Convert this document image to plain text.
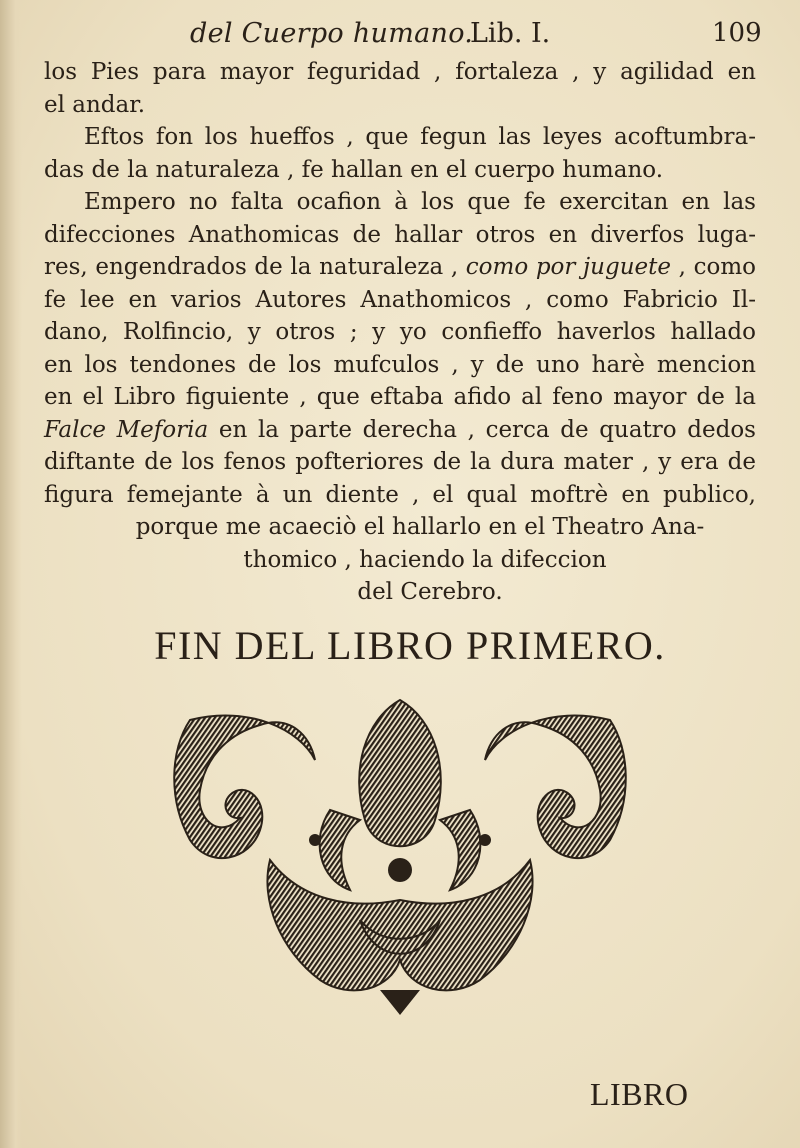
del Cuerpo humano.
Lib. I.	109
los Pies para mayor feguridad , fortaleza , y agilidad en
el andar.
Eftos fon los hueffos , que fegun las leyes acoftumbra-
das de la naturaleza , fe hallan en el cuerpo humano.
Empero no falta ocafion à los que fe exercitan en las
difecciones Anathomicas de hallar otros en diverfos luga-
res, engendrados de la naturaleza , como por juguete , como
fe lee en varios Autores Anathomicos , como Fabricio Il-
dano, Rolfincio, y otros ; y yo confieffo haverlos hallado
en los tendones de los mufculos , y de uno harè mencion
en el Libro figuiente , que eftaba afido al feno mayor de la
Falce Meforia en la parte derecha , cerca de quatro dedos
diftante de los fenos pofteriores de la dura mater , y era de
figura femejante à un diente , el qual moftrè en publico,
porque me acaeciò el hallarlo en el Theatro Ana-
thomico , haciendo la difeccion
del Cerebro.
FIN DEL LIBRO PRIMERO.
LIBRO
